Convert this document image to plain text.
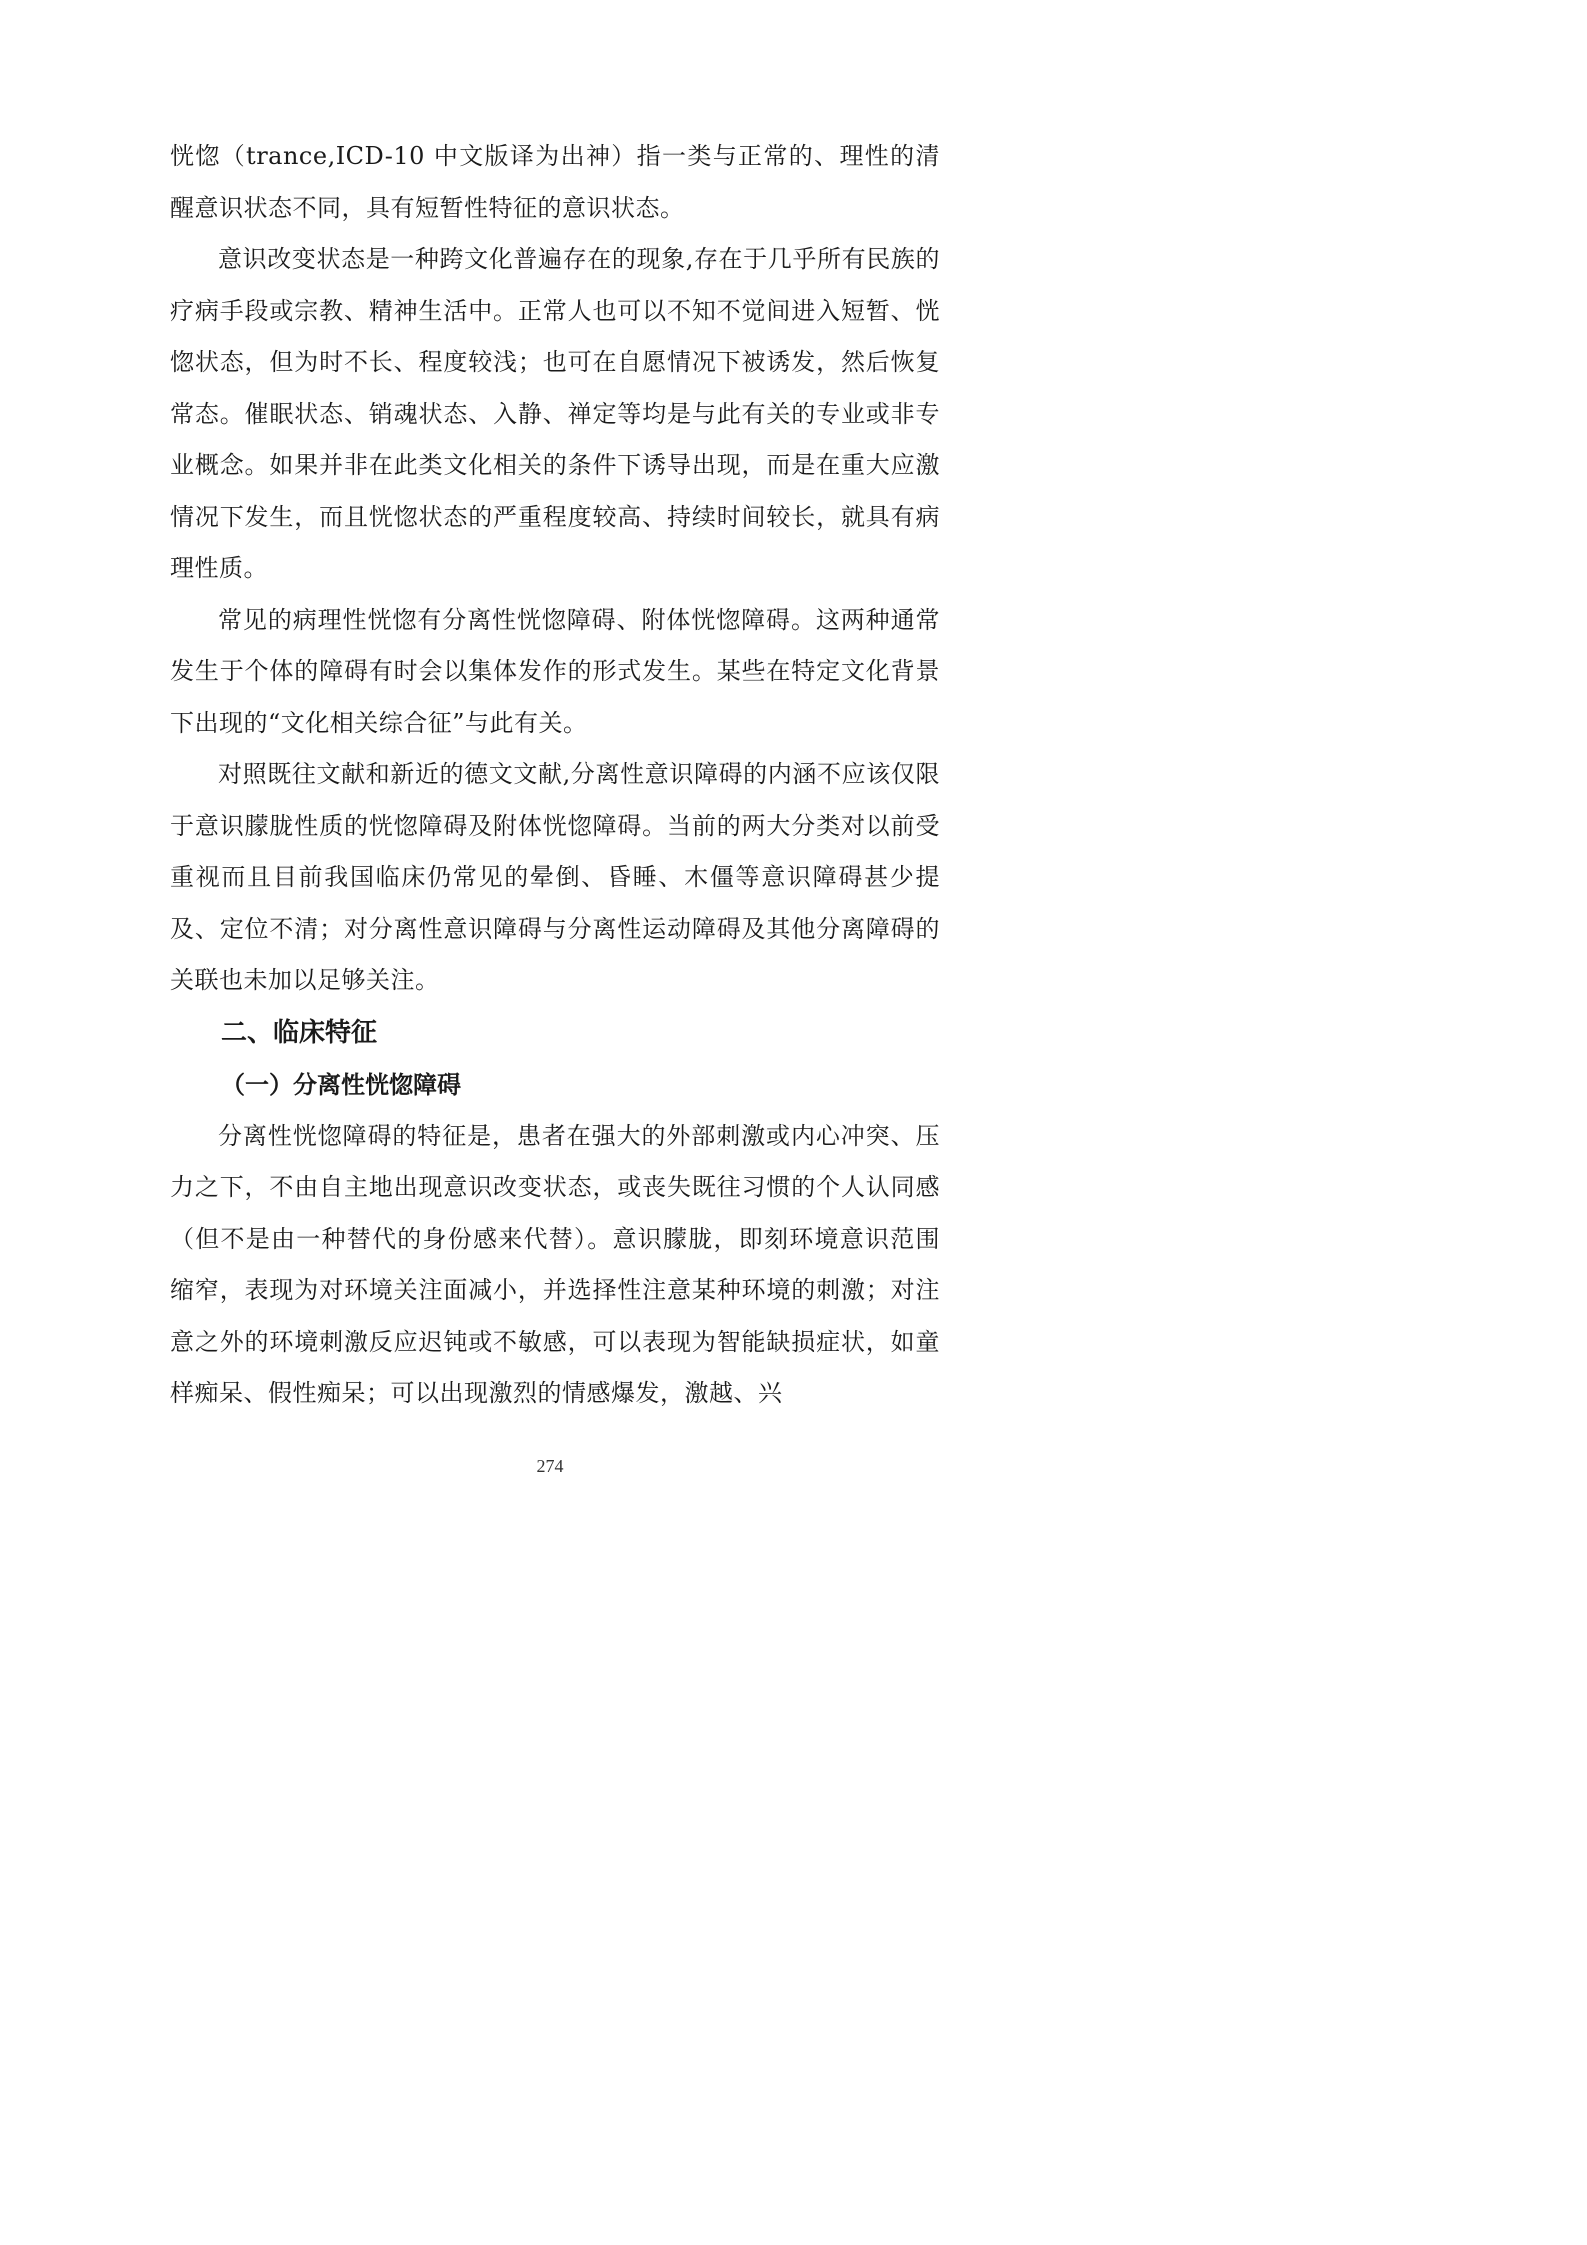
恍惚（trance,ICD-10 中文版译为出神）指一类与正常的、理性的清醒意识状态不同，具有短暂性特征的意识状态。

意识改变状态是一种跨文化普遍存在的现象,存在于几乎所有民族的疗病手段或宗教、精神生活中。正常人也可以不知不觉间进入短暂、恍惚状态，但为时不长、程度较浅；也可在自愿情况下被诱发，然后恢复常态。催眠状态、销魂状态、入静、禅定等均是与此有关的专业或非专业概念。如果并非在此类文化相关的条件下诱导出现，而是在重大应激情况下发生，而且恍惚状态的严重程度较高、持续时间较长，就具有病理性质。

常见的病理性恍惚有分离性恍惚障碍、附体恍惚障碍。这两种通常发生于个体的障碍有时会以集体发作的形式发生。某些在特定文化背景下出现的“文化相关综合征”与此有关。

对照既往文献和新近的德文文献,分离性意识障碍的内涵不应该仅限于意识朦胧性质的恍惚障碍及附体恍惚障碍。当前的两大分类对以前受重视而且目前我国临床仍常见的晕倒、昏睡、木僵等意识障碍甚少提及、定位不清；对分离性意识障碍与分离性运动障碍及其他分离障碍的关联也未加以足够关注。

二、临床特征
（一）分离性恍惚障碍

分离性恍惚障碍的特征是，患者在强大的外部刺激或内心冲突、压力之下，不由自主地出现意识改变状态，或丧失既往习惯的个人认同感（但不是由一种替代的身份感来代替）。意识朦胧，即刻环境意识范围缩窄，表现为对环境关注面减小，并选择性注意某种环境的刺激；对注意之外的环境刺激反应迟钝或不敏感，可以表现为智能缺损症状，如童样痴呆、假性痴呆；可以出现激烈的情感爆发，激越、兴

274
